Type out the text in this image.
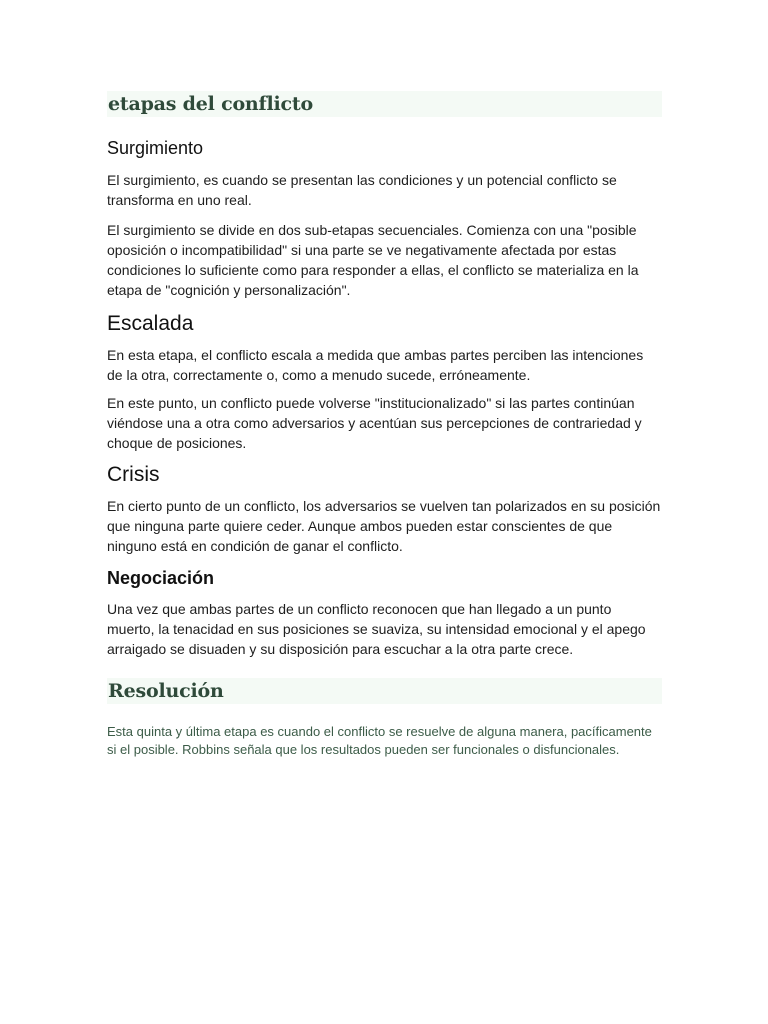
etapas del conflicto
Surgimiento

El surgimiento, es cuando se presentan las condiciones y un potencial conflicto se transforma en uno real.

El surgimiento se divide en dos sub-etapas secuenciales. Comienza con una "posible oposición o incompatibilidad" si una parte se ve negativamente afectada por estas condiciones lo suficiente como para responder a ellas, el conflicto se materializa en la etapa de "cognición y personalización".

Escalada

En esta etapa, el conflicto escala a medida que ambas partes perciben las intenciones de la otra, correctamente o, como a menudo sucede, erróneamente.

En este punto, un conflicto puede volverse "institucionalizado" si las partes continúan viéndose una a otra como adversarios y acentúan sus percepciones de contrariedad y choque de posiciones.

Crisis

En cierto punto de un conflicto, los adversarios se vuelven tan polarizados en su posición que ninguna parte quiere ceder. Aunque ambos pueden estar conscientes de que ninguno está en condición de ganar el conflicto.

Negociación

Una vez que ambas partes de un conflicto reconocen que han llegado a un punto muerto, la tenacidad en sus posiciones se suaviza, su intensidad emocional y el apego arraigado se disuaden y su disposición para escuchar a la otra parte crece.

Resolución

Esta quinta y última etapa es cuando el conflicto se resuelve de alguna manera, pacíficamente si el posible. Robbins señala que los resultados pueden ser funcionales o disfuncionales.
